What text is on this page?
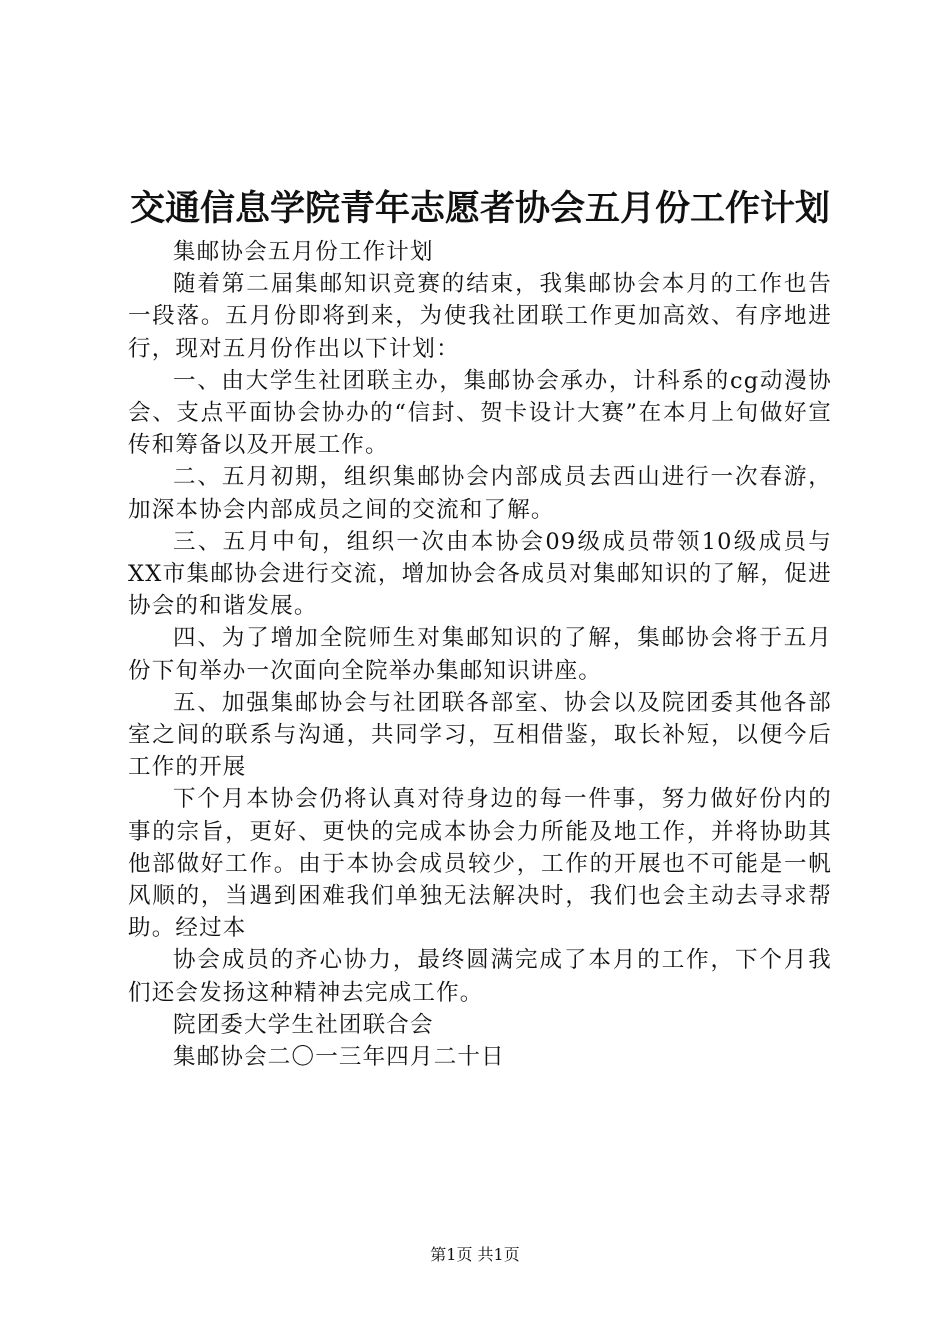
交通信息学院青年志愿者协会五月份工作计划

集邮协会五月份工作计划

随着第二届集邮知识竞赛的结束，我集邮协会本月的工作也告一段落。五月份即将到来，为使我社团联工作更加高效、有序地进行，现对五月份作出以下计划：

一、由大学生社团联主办，集邮协会承办，计科系的cg动漫协会、支点平面协会协办的“信封、贺卡设计大赛”在本月上旬做好宣传和筹备以及开展工作。

二、五月初期，组织集邮协会内部成员去西山进行一次春游，加深本协会内部成员之间的交流和了解。

三、五月中旬，组织一次由本协会09级成员带领10级成员与XX市集邮协会进行交流，增加协会各成员对集邮知识的了解，促进协会的和谐发展。

四、为了增加全院师生对集邮知识的了解，集邮协会将于五月份下旬举办一次面向全院举办集邮知识讲座。

五、加强集邮协会与社团联各部室、协会以及院团委其他各部室之间的联系与沟通，共同学习，互相借鉴，取长补短，以便今后工作的开展

下个月本协会仍将认真对待身边的每一件事，努力做好份内的事的宗旨，更好、更快的完成本协会力所能及地工作，并将协助其他部做好工作。由于本协会成员较少，工作的开展也不可能是一帆风顺的，当遇到困难我们单独无法解决时，我们也会主动去寻求帮助。经过本

协会成员的齐心协力，最终圆满完成了本月的工作，下个月我们还会发扬这种精神去完成工作。

院团委大学生社团联合会

集邮协会二〇一三年四月二十日

第1页 共1页
